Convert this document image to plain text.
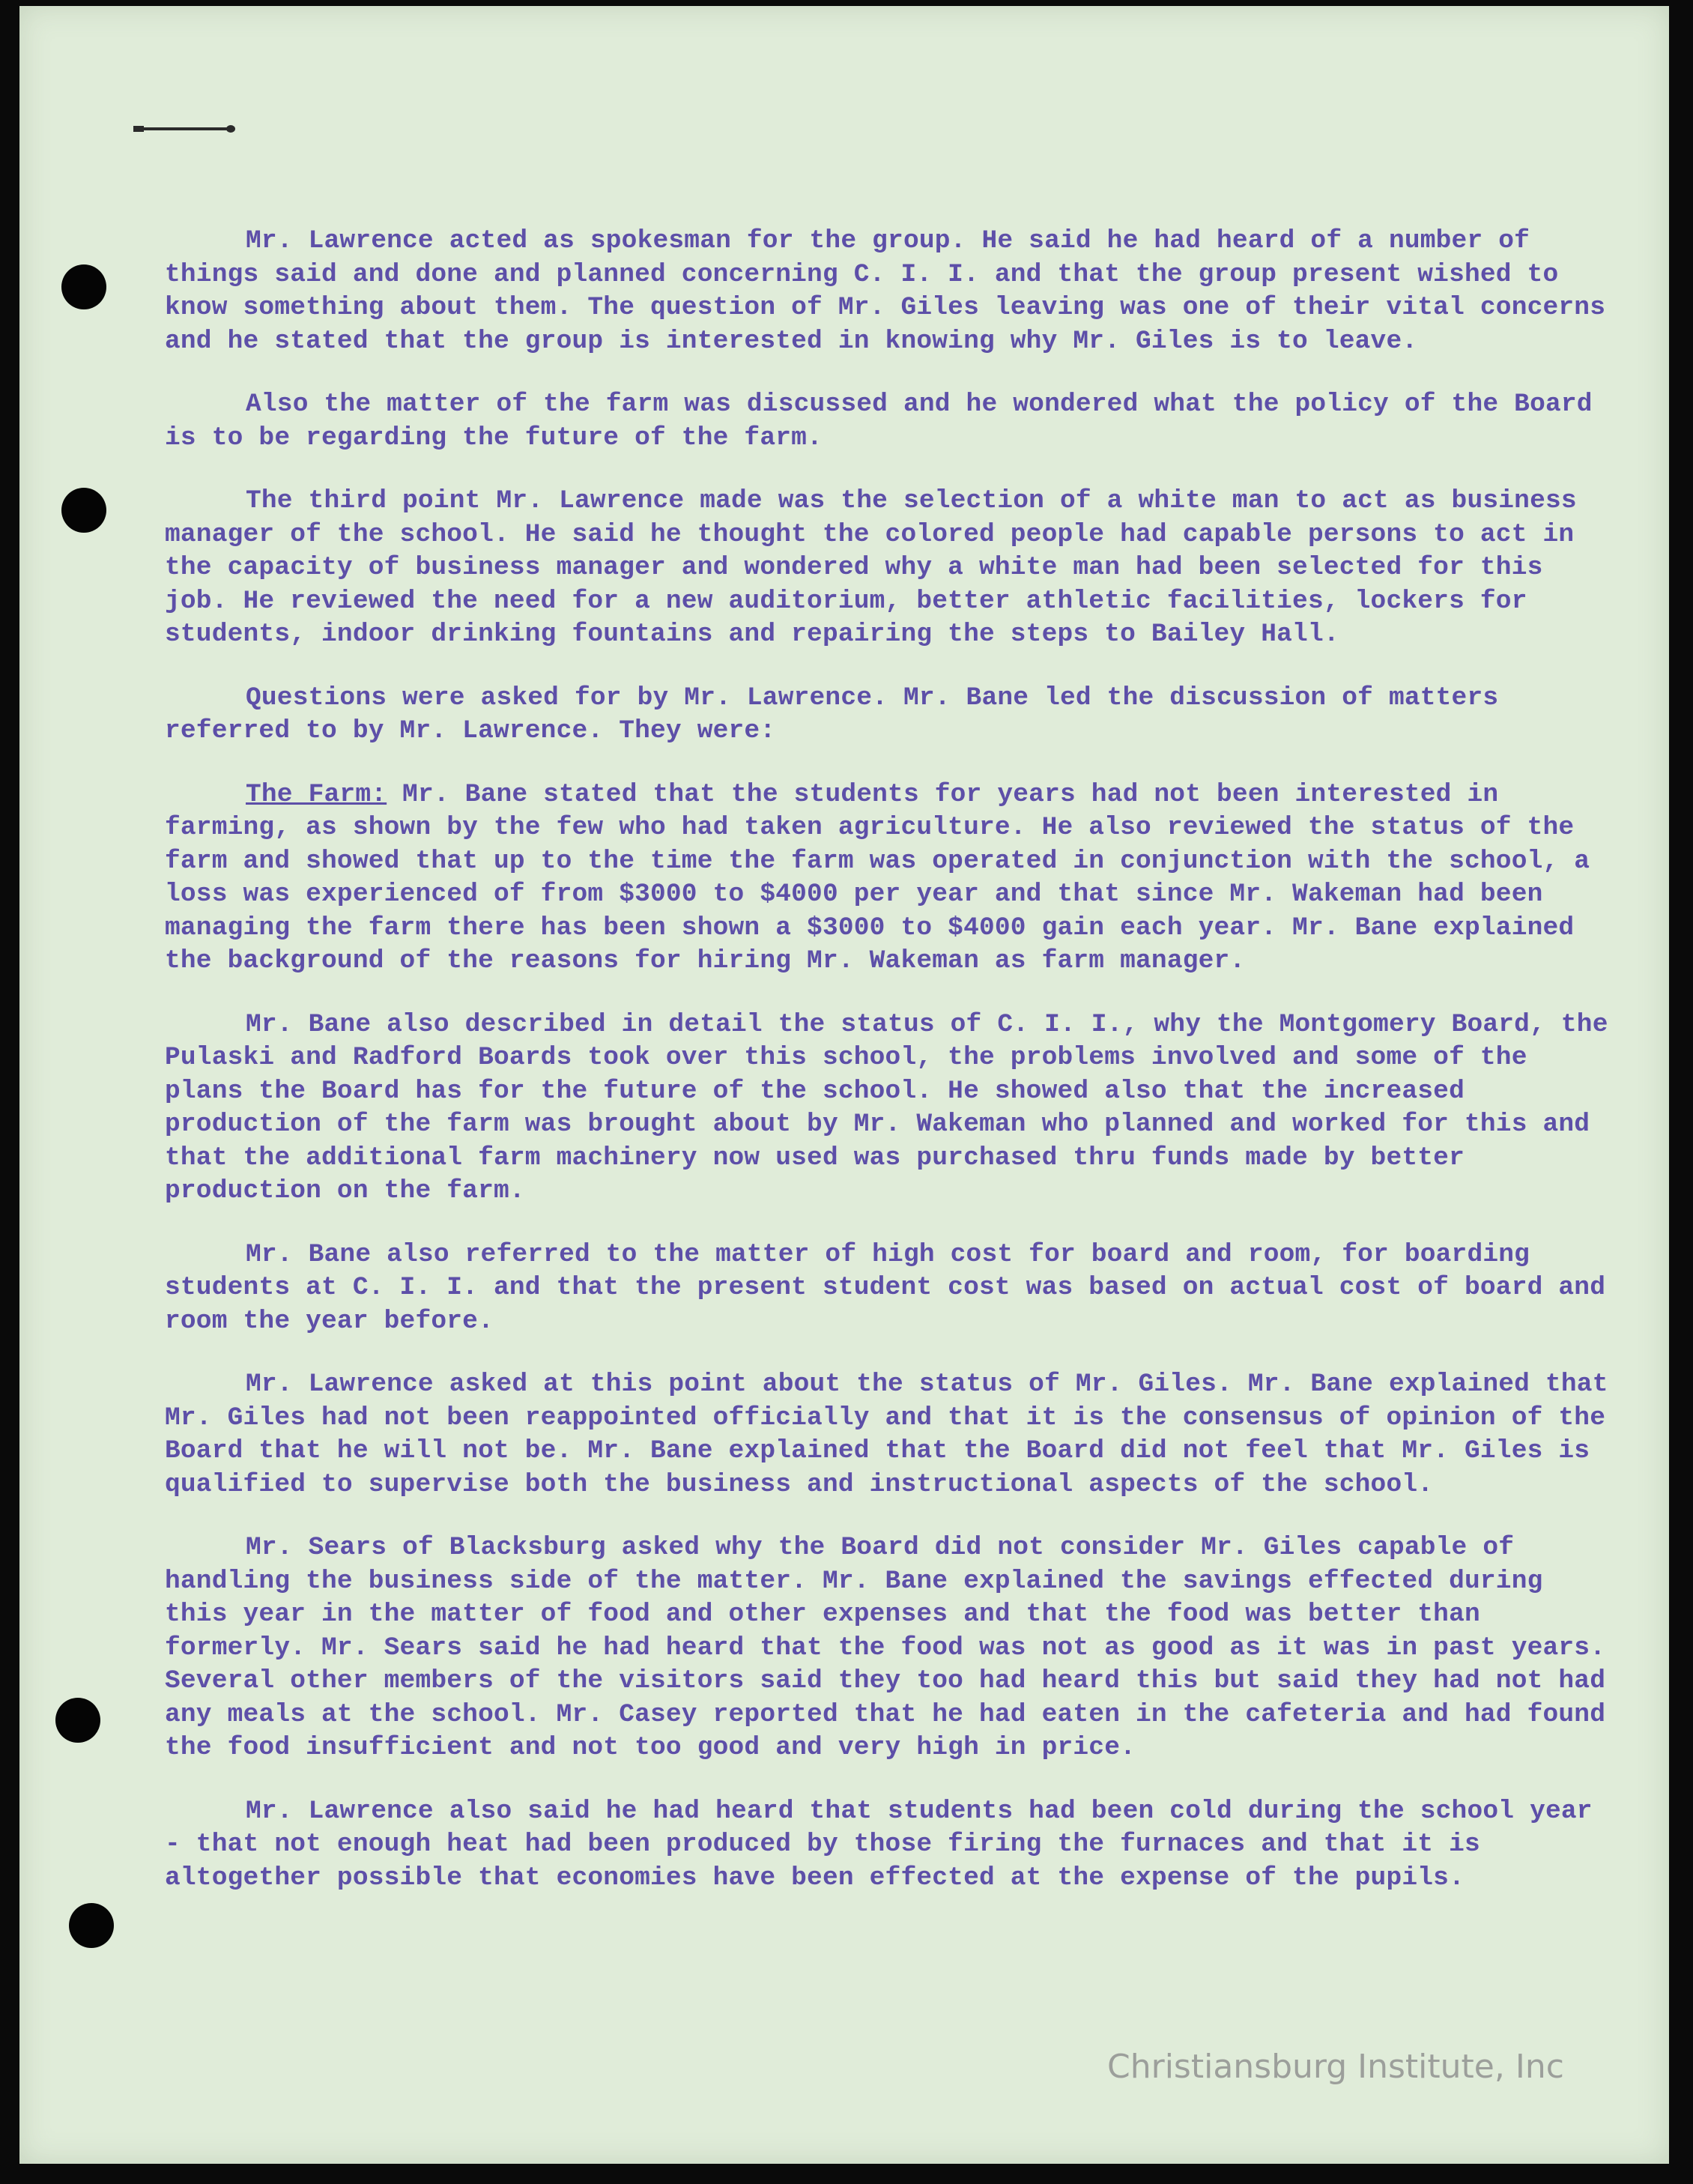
Mr. Lawrence acted as spokesman for the group. He said he had heard of a number of things said and done and planned concerning C. I. I. and that the group present wished to know something about them. The question of Mr. Giles leaving was one of their vital concerns and he stated that the group is interested in knowing why Mr. Giles is to leave.

Also the matter of the farm was discussed and he wondered what the policy of the Board is to be regarding the future of the farm.

The third point Mr. Lawrence made was the selection of a white man to act as business manager of the school. He said he thought the colored people had capable persons to act in the capacity of business manager and wondered why a white man had been selected for this job. He reviewed the need for a new auditorium, better athletic facilities, lockers for students, indoor drinking fountains and repairing the steps to Bailey Hall.

Questions were asked for by Mr. Lawrence. Mr. Bane led the discussion of matters referred to by Mr. Lawrence. They were:

The Farm: Mr. Bane stated that the students for years had not been interested in farming, as shown by the few who had taken agriculture. He also reviewed the status of the farm and showed that up to the time the farm was operated in conjunction with the school, a loss was experienced of from $3000 to $4000 per year and that since Mr. Wakeman had been managing the farm there has been shown a $3000 to $4000 gain each year. Mr. Bane explained the background of the reasons for hiring Mr. Wakeman as farm manager.

Mr. Bane also described in detail the status of C. I. I., why the Montgomery Board, the Pulaski and Radford Boards took over this school, the problems involved and some of the plans the Board has for the future of the school. He showed also that the increased production of the farm was brought about by Mr. Wakeman who planned and worked for this and that the additional farm machinery now used was purchased thru funds made by better production on the farm.

Mr. Bane also referred to the matter of high cost for board and room, for boarding students at C. I. I. and that the present student cost was based on actual cost of board and room the year before.

Mr. Lawrence asked at this point about the status of Mr. Giles. Mr. Bane explained that Mr. Giles had not been reappointed officially and that it is the consensus of opinion of the Board that he will not be. Mr. Bane explained that the Board did not feel that Mr. Giles is qualified to supervise both the business and instructional aspects of the school.

Mr. Sears of Blacksburg asked why the Board did not consider Mr. Giles capable of handling the business side of the matter. Mr. Bane explained the savings effected during this year in the matter of food and other expenses and that the food was better than formerly. Mr. Sears said he had heard that the food was not as good as it was in past years. Several other members of the visitors said they too had heard this but said they had not had any meals at the school. Mr. Casey reported that he had eaten in the cafeteria and had found the food insufficient and not too good and very high in price.

Mr. Lawrence also said he had heard that students had been cold during the school year - that not enough heat had been produced by those firing the furnaces and that it is altogether possible that economies have been effected at the expense of the pupils.

Christiansburg Institute, Inc
